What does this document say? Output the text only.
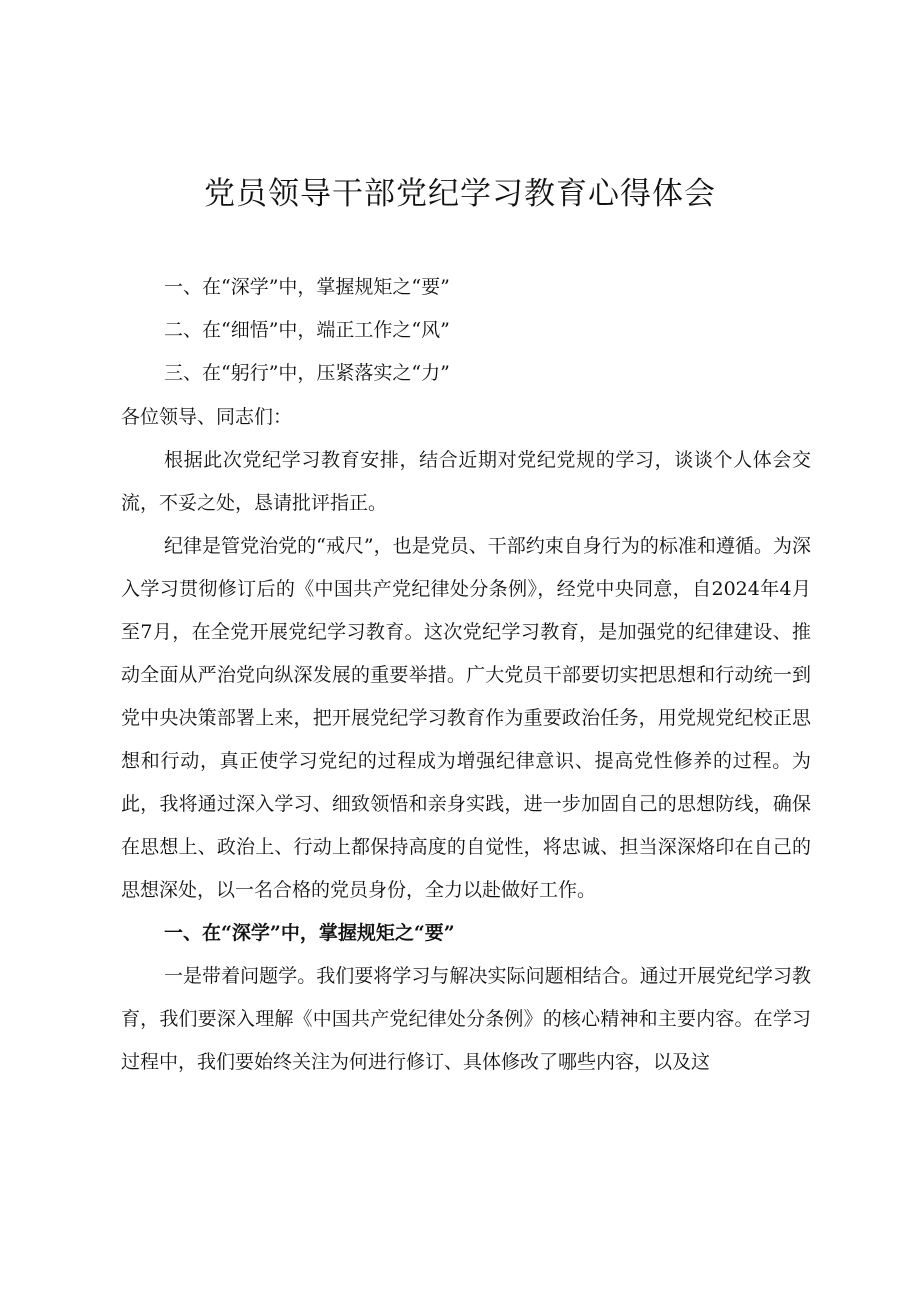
党员领导干部党纪学习教育心得体会
一、在“深学”中，掌握规矩之“要”
二、在“细悟”中，端正工作之“风”
三、在“躬行”中，压紧落实之“力”
各位领导、同志们：

根据此次党纪学习教育安排，结合近期对党纪党规的学习，谈谈个人体会交流，不妥之处，恳请批评指正。

纪律是管党治党的“戒尺”，也是党员、干部约束自身行为的标准和遵循。为深入学习贯彻修订后的《中国共产党纪律处分条例》，经党中央同意，自2024年4月至7月，在全党开展党纪学习教育。这次党纪学习教育，是加强党的纪律建设、推动全面从严治党向纵深发展的重要举措。广大党员干部要切实把思想和行动统一到党中央决策部署上来，把开展党纪学习教育作为重要政治任务，用党规党纪校正思想和行动，真正使学习党纪的过程成为增强纪律意识、提高党性修养的过程。为此，我将通过深入学习、细致领悟和亲身实践，进一步加固自己的思想防线，确保在思想上、政治上、行动上都保持高度的自觉性，将忠诚、担当深深烙印在自己的思想深处，以一名合格的党员身份，全力以赴做好工作。

一、在“深学”中，掌握规矩之“要”

一是带着问题学。我们要将学习与解决实际问题相结合。通过开展党纪学习教育，我们要深入理解《中国共产党纪律处分条例》的核心精神和主要内容。在学习过程中，我们要始终关注为何进行修订、具体修改了哪些内容，以及这
